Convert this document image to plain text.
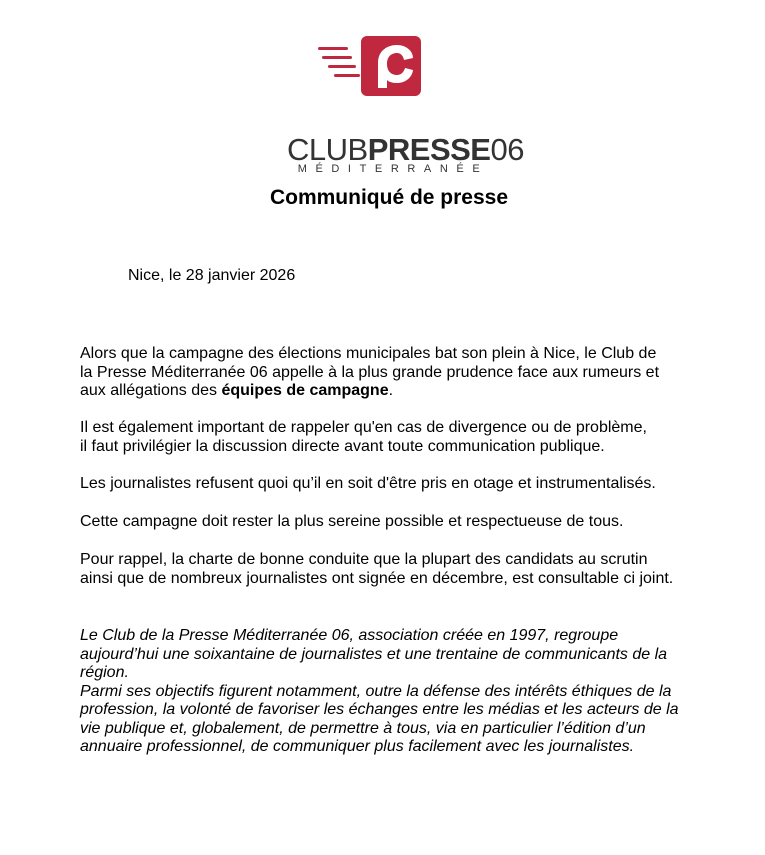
CLUBPRESSE06
MÉDITERRANÉE
Communiqué de presse
Nice, le 28 janvier 2026
Alors que la campagne des élections municipales bat son plein à Nice, le Club de
la Presse Méditerranée 06 appelle à la plus grande prudence face aux rumeurs et
aux allégations des équipes de campagne.
Il est également important de rappeler qu'en cas de divergence ou de problème,
il faut privilégier la discussion directe avant toute communication publique.
Les journalistes refusent quoi qu’il en soit d'être pris en otage et instrumentalisés.
Cette campagne doit rester la plus sereine possible et respectueuse de tous.
Pour rappel, la charte de bonne conduite que la plupart des candidats au scrutin
ainsi que de nombreux journalistes ont signée en décembre, est consultable ci joint.
Le Club de la Presse Méditerranée 06, association créée en 1997, regroupe
aujourd’hui une soixantaine de journalistes et une trentaine de communicants de la
région.
Parmi ses objectifs figurent notamment, outre la défense des intérêts éthiques de la
profession, la volonté de favoriser les échanges entre les médias et les acteurs de la
vie publique et, globalement, de permettre à tous, via en particulier l’édition d’un
annuaire professionnel, de communiquer plus facilement avec les journalistes.
